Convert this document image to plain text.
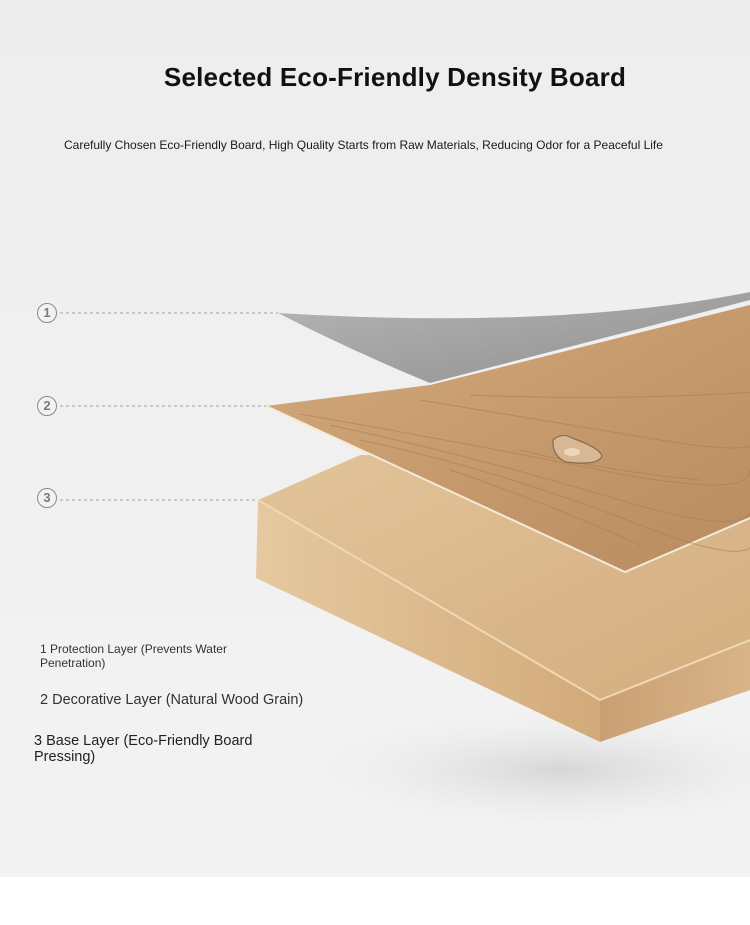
Selected Eco-Friendly Density Board
Carefully Chosen Eco-Friendly Board, High Quality Starts from Raw Materials, Reducing Odor for a Peaceful Life
1
2
3
1 Protection Layer (Prevents Water Penetration)
2 Decorative Layer (Natural Wood Grain)
3 Base Layer (Eco-Friendly Board Pressing)
